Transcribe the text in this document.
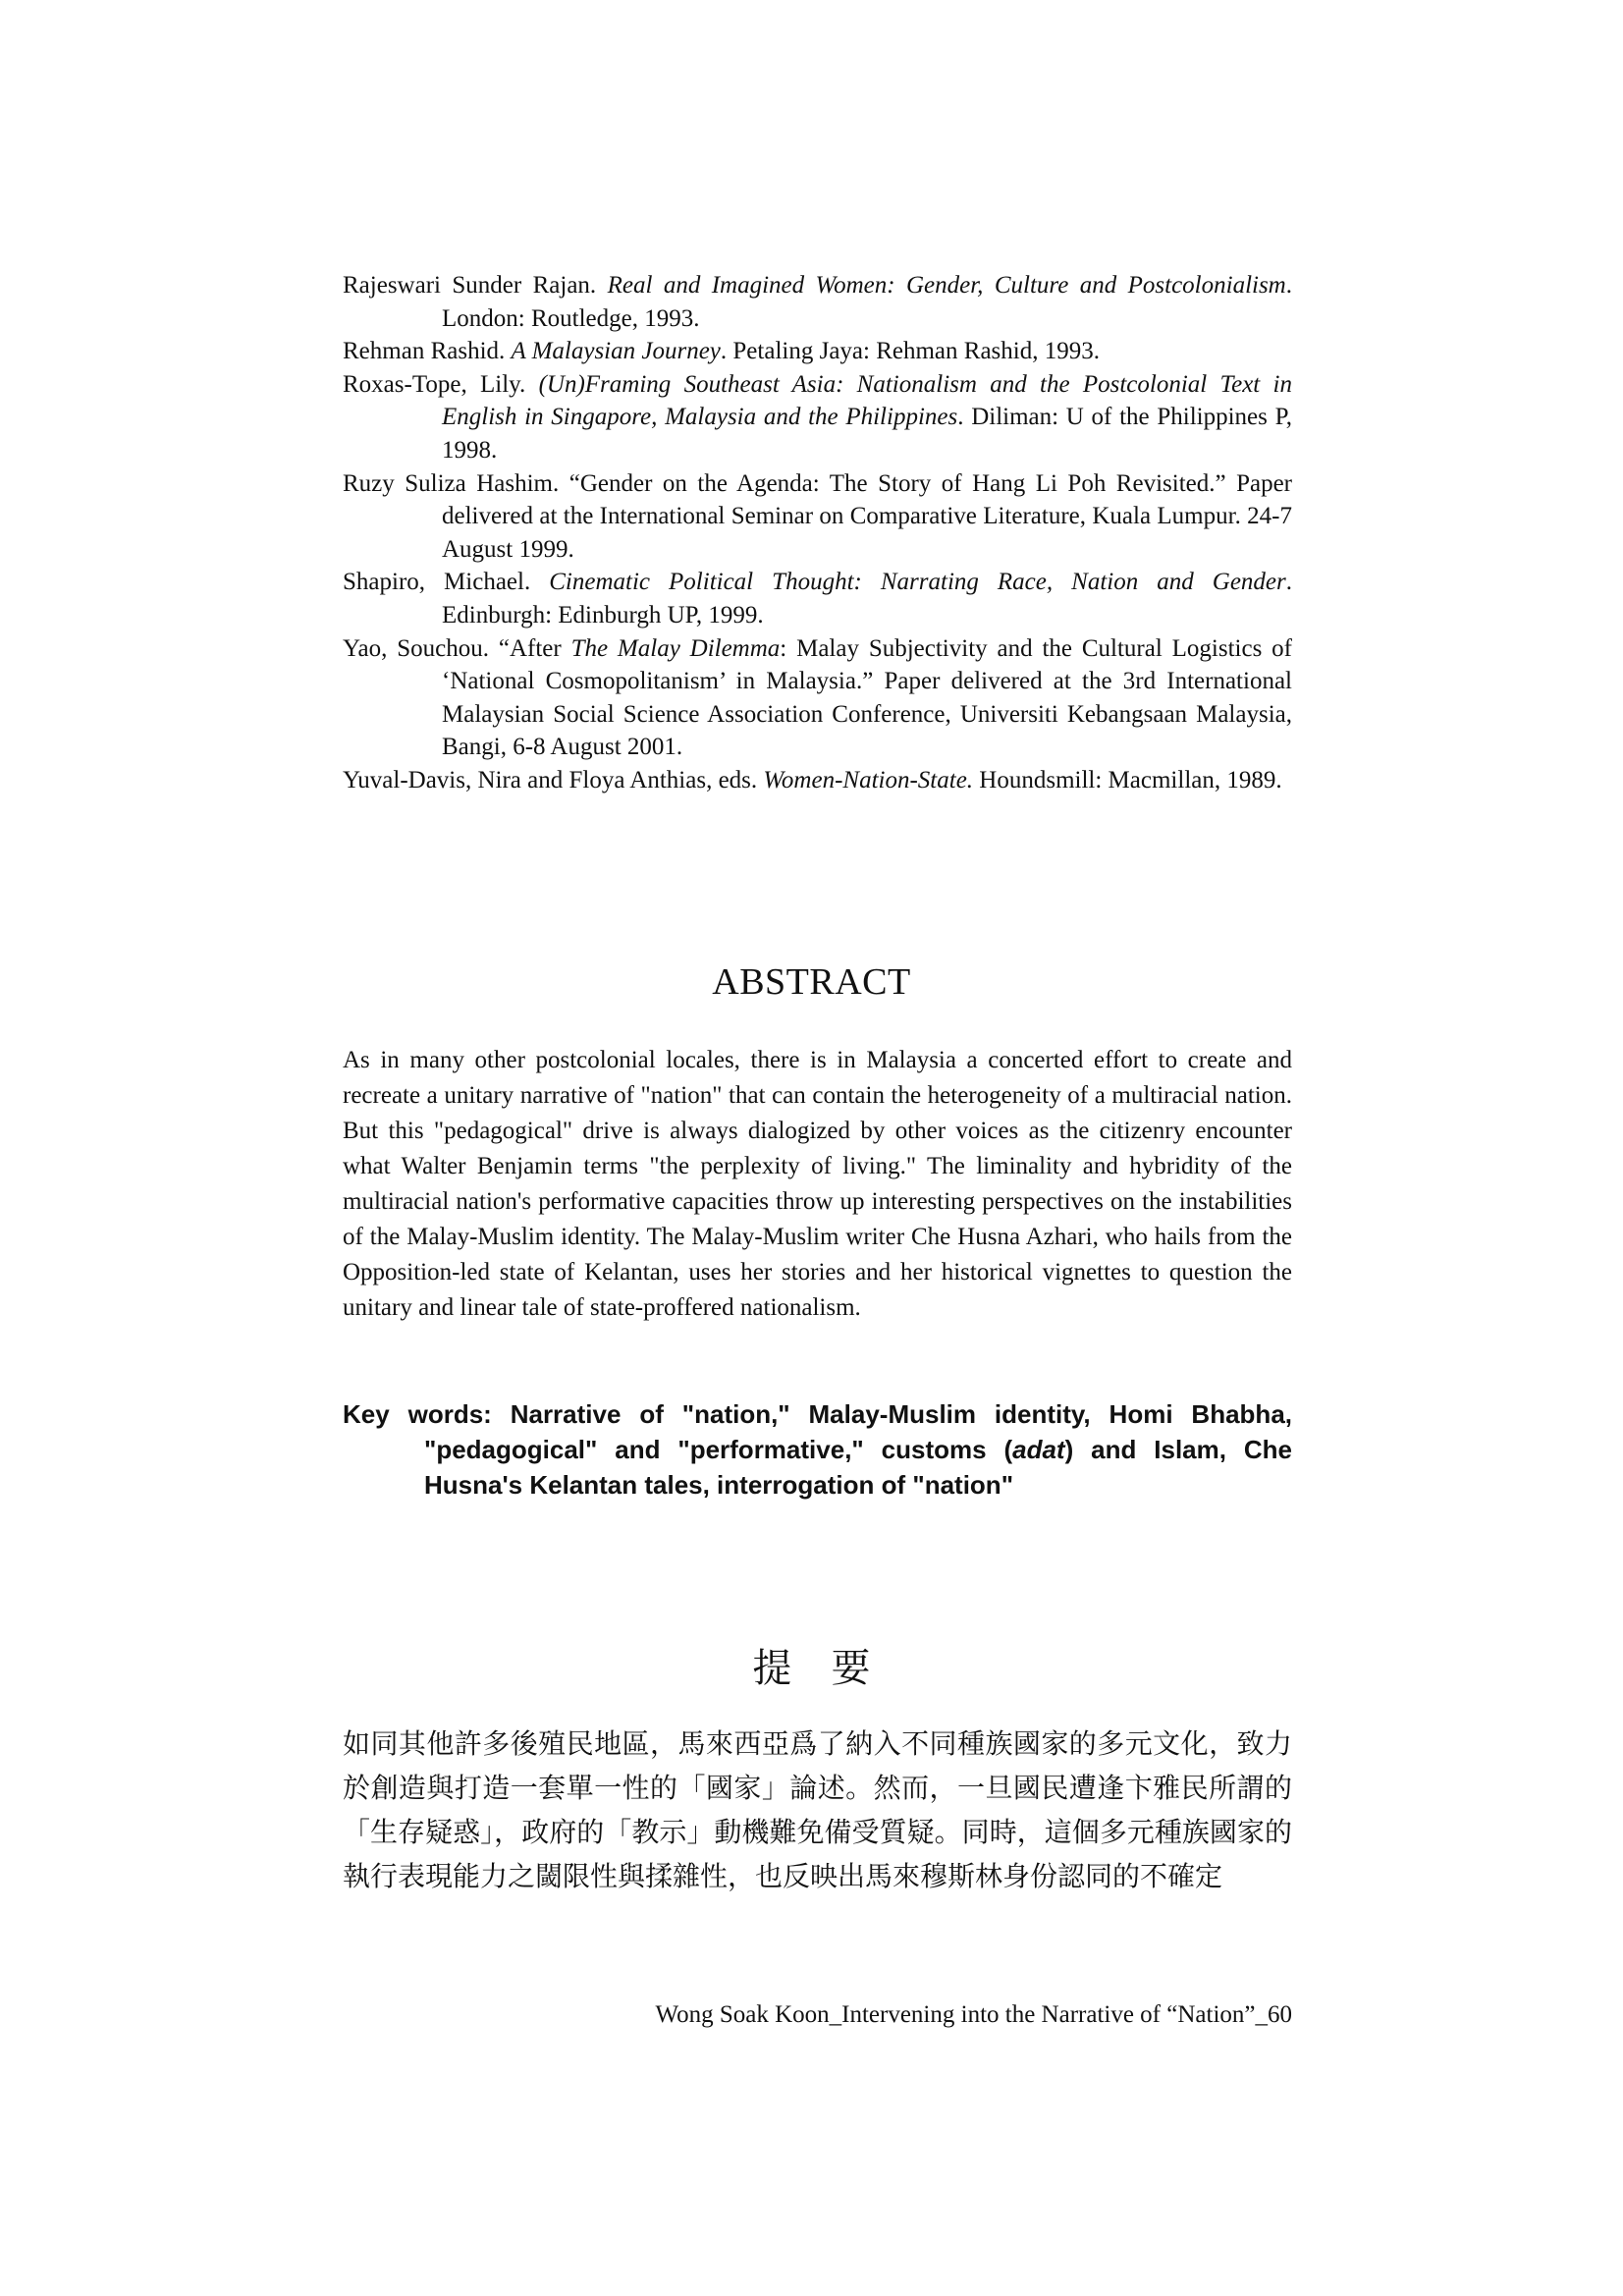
Rajeswari Sunder Rajan. Real and Imagined Women: Gender, Culture and Postcolonialism. London: Routledge, 1993.

Rehman Rashid. A Malaysian Journey. Petaling Jaya: Rehman Rashid, 1993.

Roxas-Tope, Lily. (Un)Framing Southeast Asia: Nationalism and the Postcolonial Text in English in Singapore, Malaysia and the Philippines. Diliman: U of the Philippines P, 1998.

Ruzy Suliza Hashim. “Gender on the Agenda: The Story of Hang Li Poh Revisited.” Paper delivered at the International Seminar on Comparative Literature, Kuala Lumpur. 24-7 August 1999.

Shapiro, Michael. Cinematic Political Thought: Narrating Race, Nation and Gender. Edinburgh: Edinburgh UP, 1999.

Yao, Souchou. “After The Malay Dilemma: Malay Subjectivity and the Cultural Logistics of ‘National Cosmopolitanism’ in Malaysia.” Paper delivered at the 3rd International Malaysian Social Science Association Conference, Universiti Kebangsaan Malaysia, Bangi, 6-8 August 2001.

Yuval-Davis, Nira and Floya Anthias, eds. Women-Nation-State. Houndsmill: Macmillan, 1989.

ABSTRACT

As in many other postcolonial locales, there is in Malaysia a concerted effort to create and recreate a unitary narrative of "nation" that can contain the heterogeneity of a multiracial nation. But this "pedagogical" drive is always dialogized by other voices as the citizenry encounter what Walter Benjamin terms "the perplexity of living." The liminality and hybridity of the multiracial nation's performative capacities throw up interesting perspectives on the instabilities of the Malay-Muslim identity. The Malay-Muslim writer Che Husna Azhari, who hails from the Opposition-led state of Kelantan, uses her stories and her historical vignettes to question the unitary and linear tale of state-proffered nationalism.

Key words: Narrative of "nation," Malay-Muslim identity, Homi Bhabha, "pedagogical" and "performative," customs (adat) and Islam, Che Husna's Kelantan tales, interrogation of "nation"

提要

如同其他許多後殖民地區，馬來西亞爲了納入不同種族國家的多元文化，致力於創造與打造一套單一性的「國家」論述。然而，一旦國民遭逢卞雅民所謂的「生存疑惑」，政府的「教示」動機難免備受質疑。同時，這個多元種族國家的執行表現能力之閾限性與揉雜性，也反映出馬來穆斯林身份認同的不確定

Wong Soak Koon_Intervening into the Narrative of “Nation”_60
